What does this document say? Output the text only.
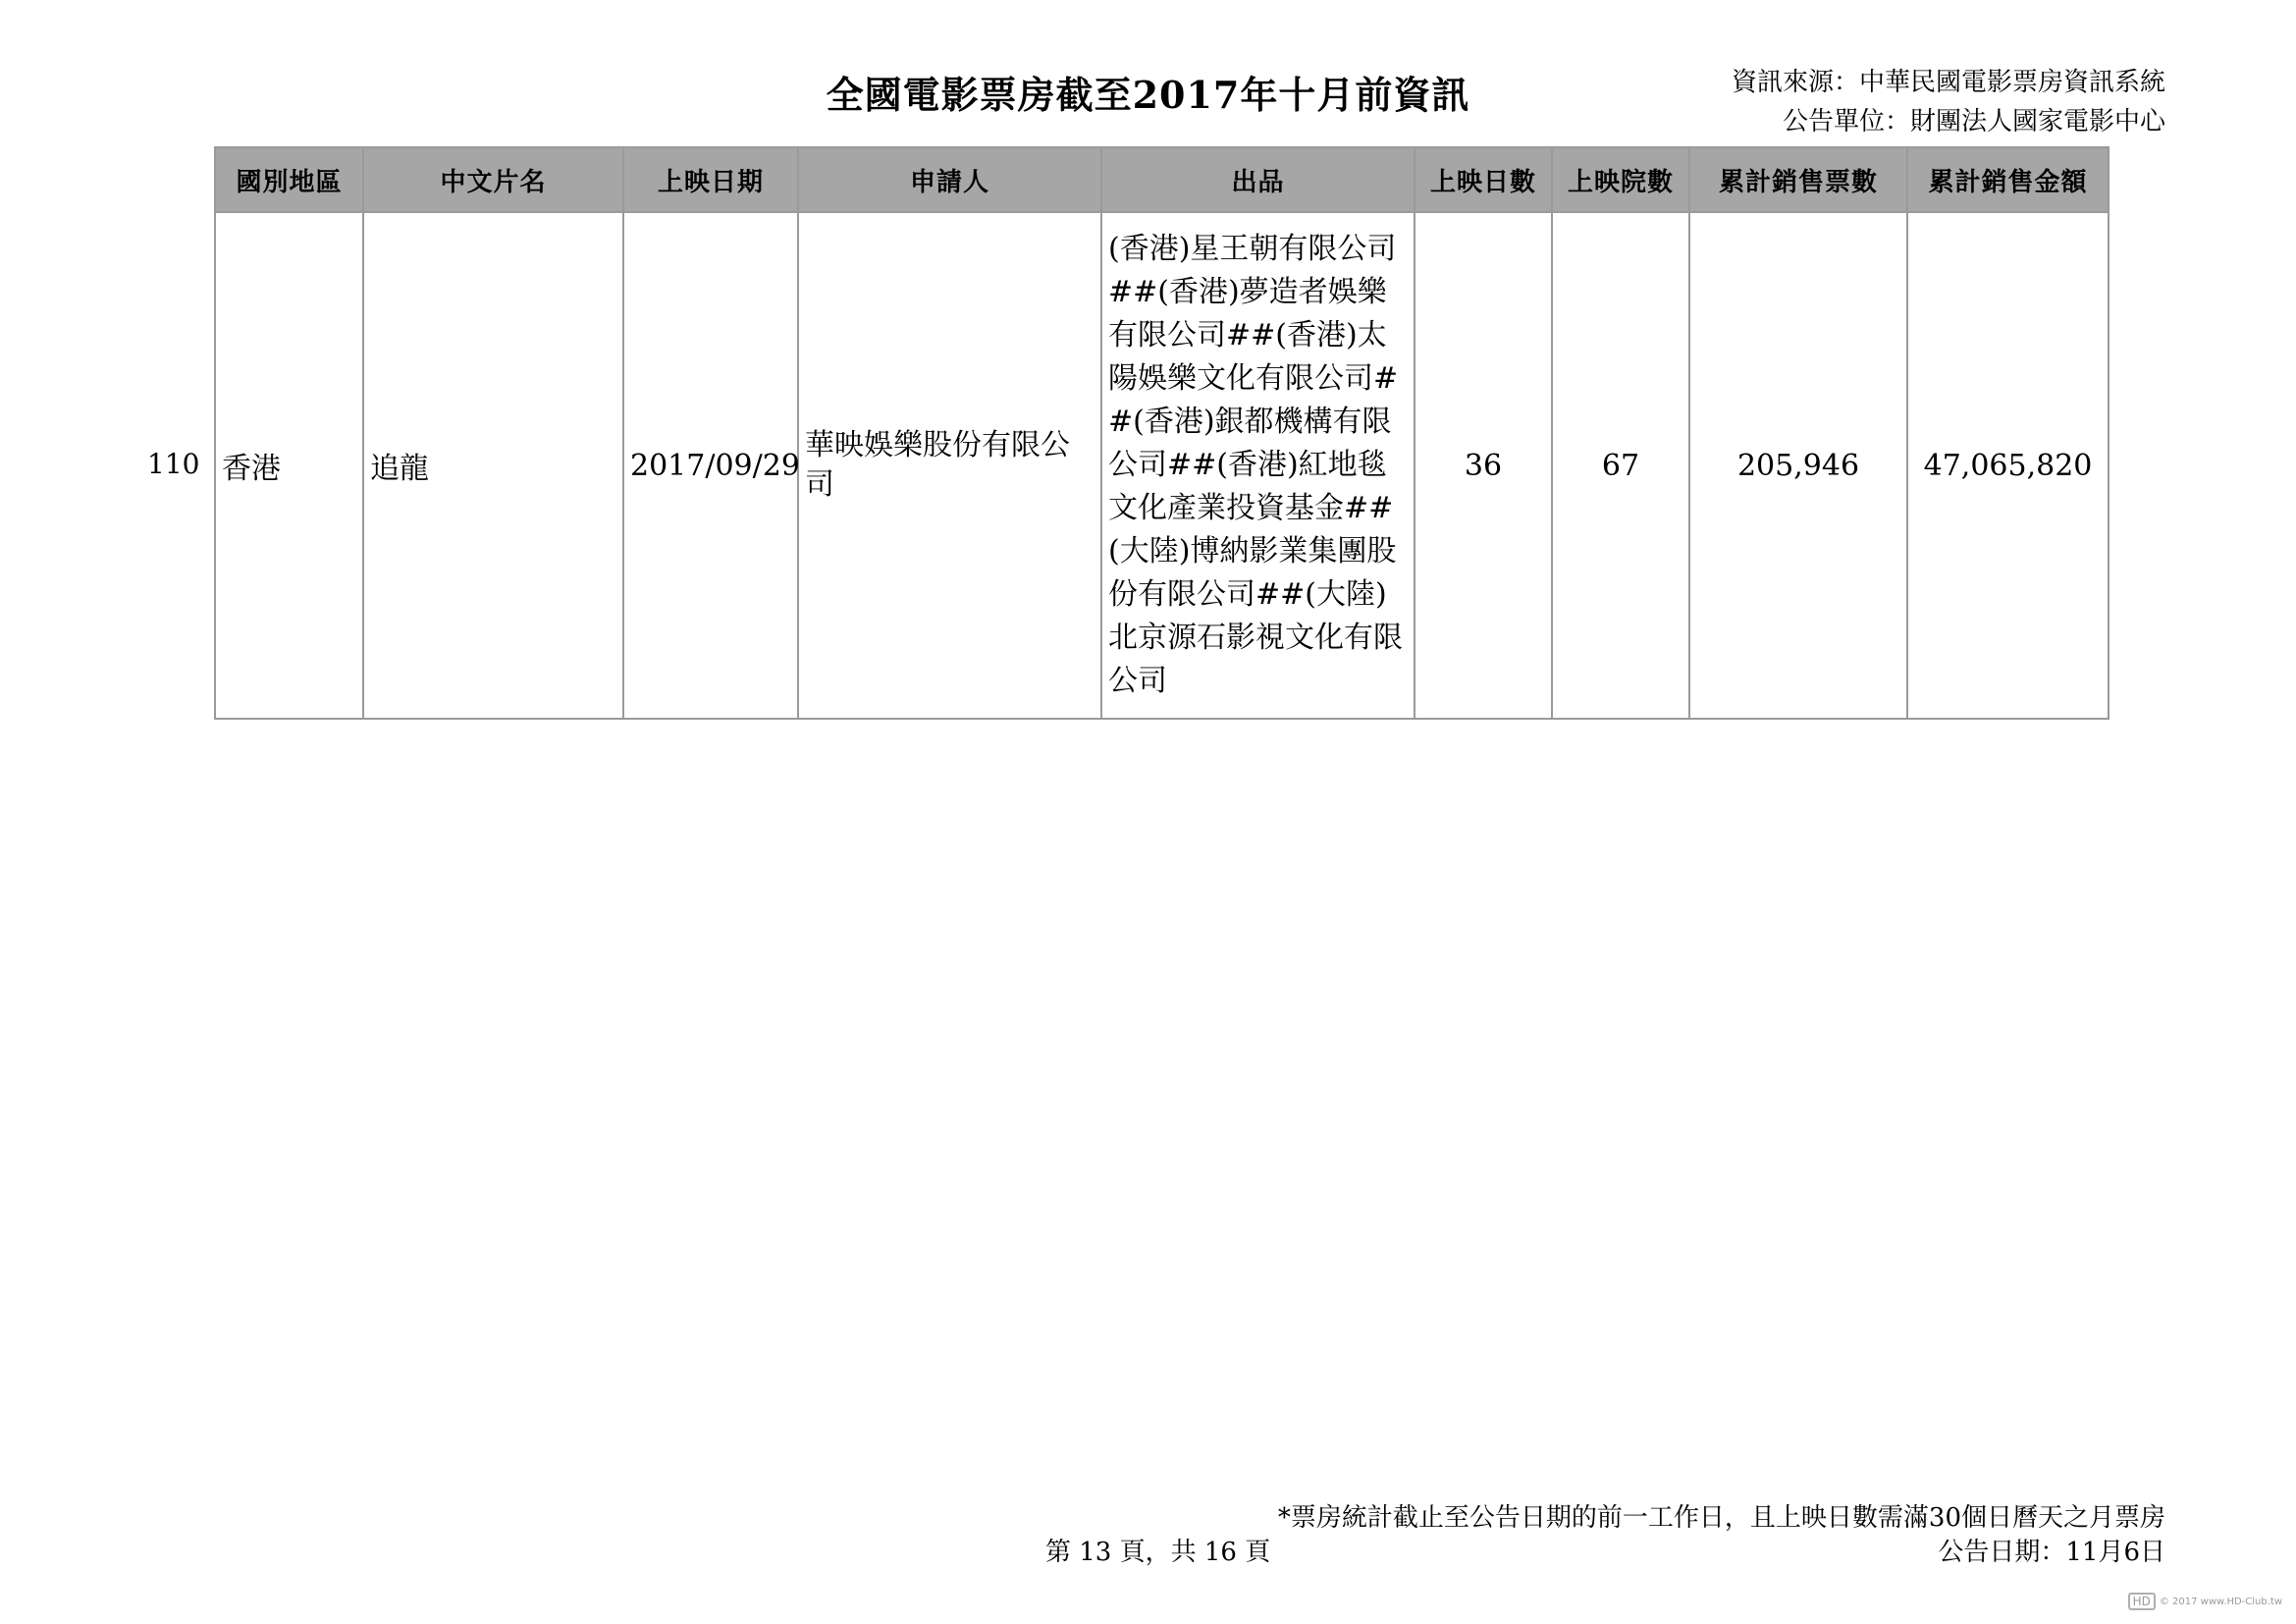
全國電影票房截至2017年十月前資訊	資訊來源：中華民國電影票房資訊系統
公告單位：財團法人國家電影中心
110
國別地區	中文片名	上映日期	申請人	出品	上映日數	上映院數	累計銷售票數	累計銷售金額
香港	追龍	2017/09/29	華映娛樂股份有限公司	(香港)星王朝有限公司##(香港)夢造者娛樂有限公司##(香港)太陽娛樂文化有限公司##(香港)銀都機構有限公司##(香港)紅地毯文化產業投資基金##(大陸)博納影業集團股份有限公司##(大陸)北京源石影視文化有限公司	36	67	205,946	47,065,820
*票房統計截止至公告日期的前一工作日，且上映日數需滿30個日曆天之月票房
第 13 頁，共 16 頁	公告日期：11月6日
HD © 2017 www.HD-Club.tw
